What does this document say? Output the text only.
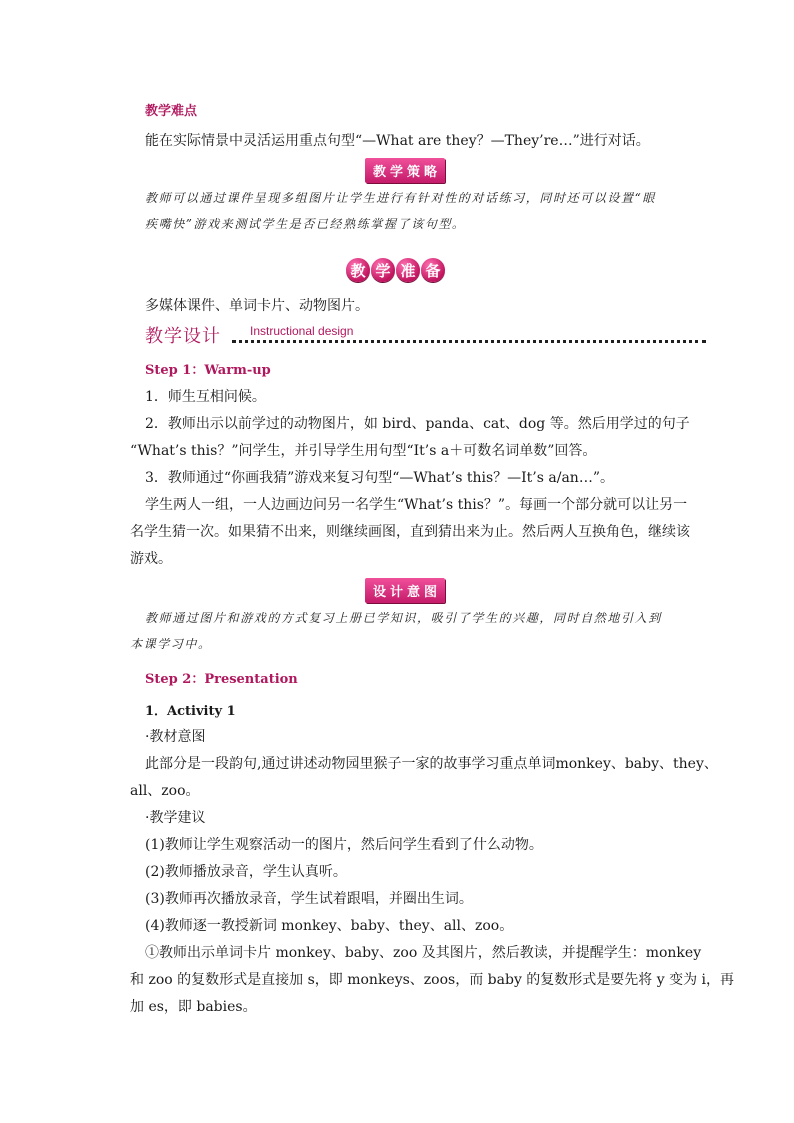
教学难点
能在实际情景中灵活运用重点句型“—What are they？—They’re…”进行对话。
教 学 策 略
教师可以通过课件呈现多组图片让学生进行有针对性的对话练习，同时还可以设置“眼
疾嘴快”游戏来测试学生是否已经熟练掌握了该句型。
教 学 准 备
多媒体课件、单词卡片、动物图片。
教学设计 Instructional design
Step 1：Warm-up
1．师生互相问候。
2．教师出示以前学过的动物图片，如 bird、panda、cat、dog 等。然后用学过的句子
“What’s this？”问学生，并引导学生用句型“It’s a＋可数名词单数”回答。
3．教师通过“你画我猜”游戏来复习句型“—What’s this？—It’s a/an…”。
学生两人一组，一人边画边问另一名学生“What’s this？”。每画一个部分就可以让另一
名学生猜一次。如果猜不出来，则继续画图，直到猜出来为止。然后两人互换角色，继续该
游戏。
设 计 意 图
教师通过图片和游戏的方式复习上册已学知识，吸引了学生的兴趣，同时自然地引入到
本课学习中。
Step 2：Presentation
1．Activity 1
·教材意图
此部分是一段韵句,通过讲述动物园里猴子一家的故事学习重点单词monkey、baby、they、
all、zoo。
·教学建议
(1)教师让学生观察活动一的图片，然后问学生看到了什么动物。
(2)教师播放录音，学生认真听。
(3)教师再次播放录音，学生试着跟唱，并圈出生词。
(4)教师逐一教授新词 monkey、baby、they、all、zoo。
①教师出示单词卡片 monkey、baby、zoo 及其图片，然后教读，并提醒学生：monkey
和 zoo 的复数形式是直接加 s，即 monkeys、zoos，而 baby 的复数形式是要先将 y 变为 i，再
加 es，即 babies。
